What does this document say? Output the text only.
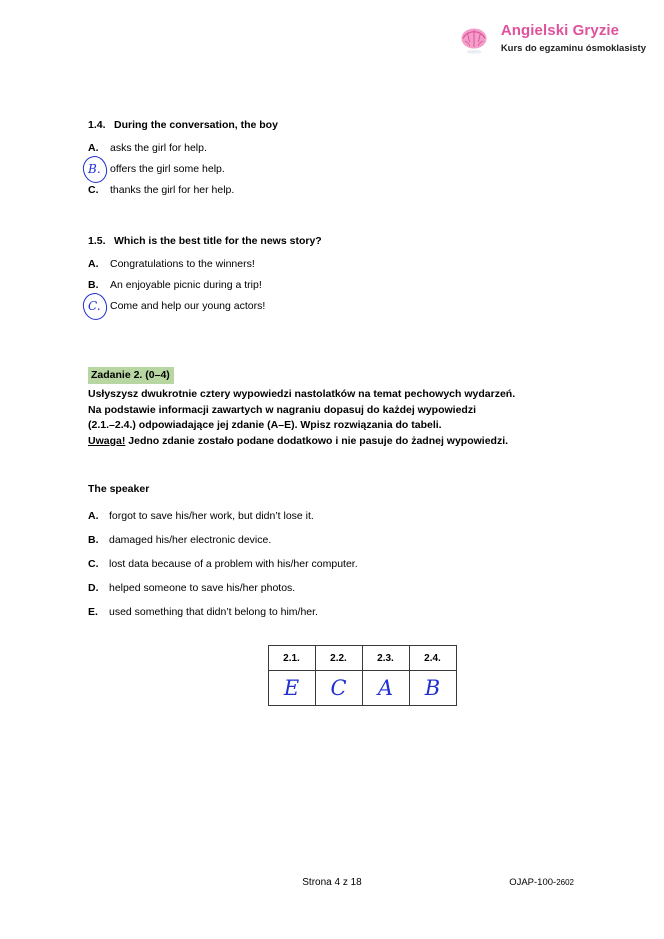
Angielski Gryzie
Kurs do egzaminu ósmoklasisty
1.4. During the conversation, the boy
A.	asks the girl for help.
B. offers the girl some help.
C.	thanks the girl for her help.
1.5. Which is the best title for the news story?
A.	Congratulations to the winners!
B.	An enjoyable picnic during a trip!
C. Come and help our young actors!
Zadanie 2. (0–4)
Usłyszysz dwukrotnie cztery wypowiedzi nastolatków na temat pechowych wydarzeń.
Na podstawie informacji zawartych w nagraniu dopasuj do każdej wypowiedzi
(2.1.–2.4.) odpowiadające jej zdanie (A–E). Wpisz rozwiązania do tabeli.
Uwaga! Jedno zdanie zostało podane dodatkowo i nie pasuje do żadnej wypowiedzi.
The speaker
A. forgot to save his/her work, but didn’t lose it.
B. damaged his/her electronic device.
C. lost data because of a problem with his/her computer.
D. helped someone to save his/her photos.
E. used something that didn’t belong to him/her.
2.1.	2.2.	2.3.	2.4.
E	C	A	B
Strona 4 z 18	OJAP-100-2602
